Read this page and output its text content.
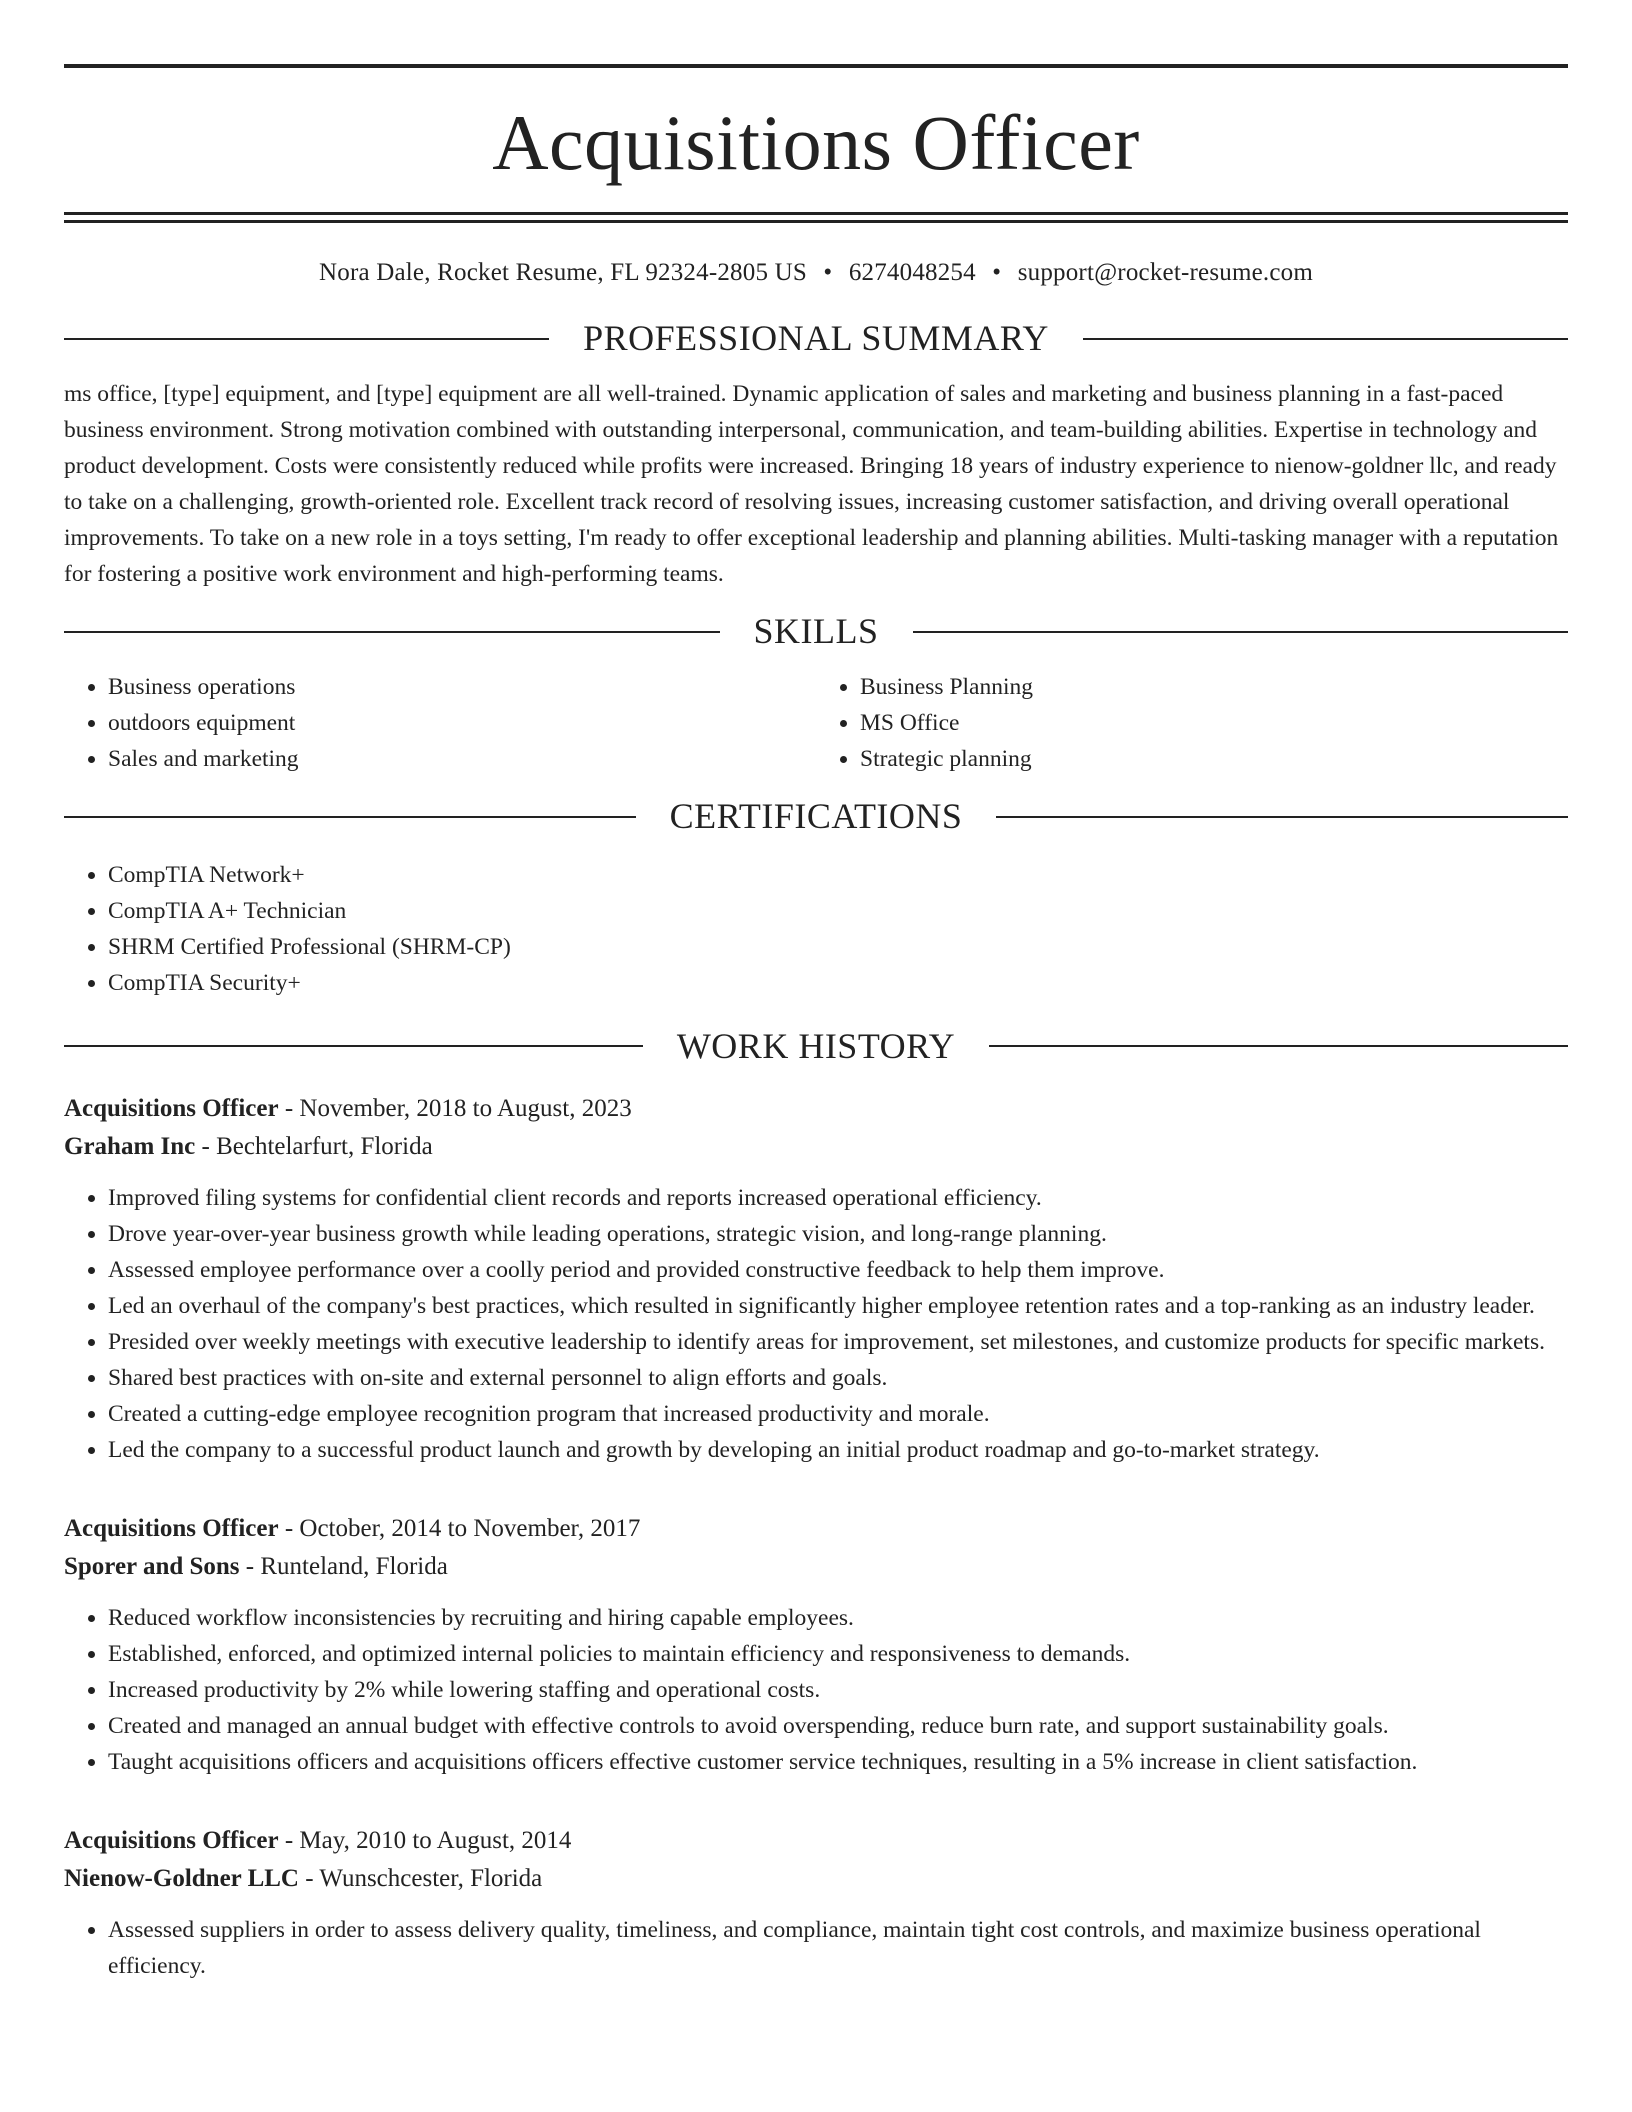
Acquisitions Officer
Nora Dale, Rocket Resume, FL 92324-2805 US • 6274048254 • support@rocket-resume.com
PROFESSIONAL SUMMARY

ms office, [type] equipment, and [type] equipment are all well-trained. Dynamic application of sales and marketing and business planning in a fast-paced business environment. Strong motivation combined with outstanding interpersonal, communication, and team-building abilities. Expertise in technology and product development. Costs were consistently reduced while profits were increased. Bringing 18 years of industry experience to nienow-goldner llc, and ready to take on a challenging, growth-oriented role. Excellent track record of resolving issues, increasing customer satisfaction, and driving overall operational improvements. To take on a new role in a toys setting, I'm ready to offer exceptional leadership and planning abilities. Multi-tasking manager with a reputation for fostering a positive work environment and high-performing teams.

SKILLS
• Business operations
• outdoors equipment
• Sales and marketing
• Business Planning
• MS Office
• Strategic planning
CERTIFICATIONS
• CompTIA Network+
• CompTIA A+ Technician
• SHRM Certified Professional (SHRM-CP)
• CompTIA Security+
WORK HISTORY
Acquisitions Officer - November, 2018 to August, 2023
Graham Inc - Bechtelarfurt, Florida
• Improved filing systems for confidential client records and reports increased operational efficiency.
• Drove year-over-year business growth while leading operations, strategic vision, and long-range planning.
• Assessed employee performance over a coolly period and provided constructive feedback to help them improve.
• Led an overhaul of the company's best practices, which resulted in significantly higher employee retention rates and a top-ranking as an industry leader.
• Presided over weekly meetings with executive leadership to identify areas for improvement, set milestones, and customize products for specific markets.
• Shared best practices with on-site and external personnel to align efforts and goals.
• Created a cutting-edge employee recognition program that increased productivity and morale.
• Led the company to a successful product launch and growth by developing an initial product roadmap and go-to-market strategy.
Acquisitions Officer - October, 2014 to November, 2017
Sporer and Sons - Runteland, Florida
• Reduced workflow inconsistencies by recruiting and hiring capable employees.
• Established, enforced, and optimized internal policies to maintain efficiency and responsiveness to demands.
• Increased productivity by 2% while lowering staffing and operational costs.
• Created and managed an annual budget with effective controls to avoid overspending, reduce burn rate, and support sustainability goals.
• Taught acquisitions officers and acquisitions officers effective customer service techniques, resulting in a 5% increase in client satisfaction.
Acquisitions Officer - May, 2010 to August, 2014
Nienow-Goldner LLC - Wunschcester, Florida
• Assessed suppliers in order to assess delivery quality, timeliness, and compliance, maintain tight cost controls, and maximize business operational efficiency.
